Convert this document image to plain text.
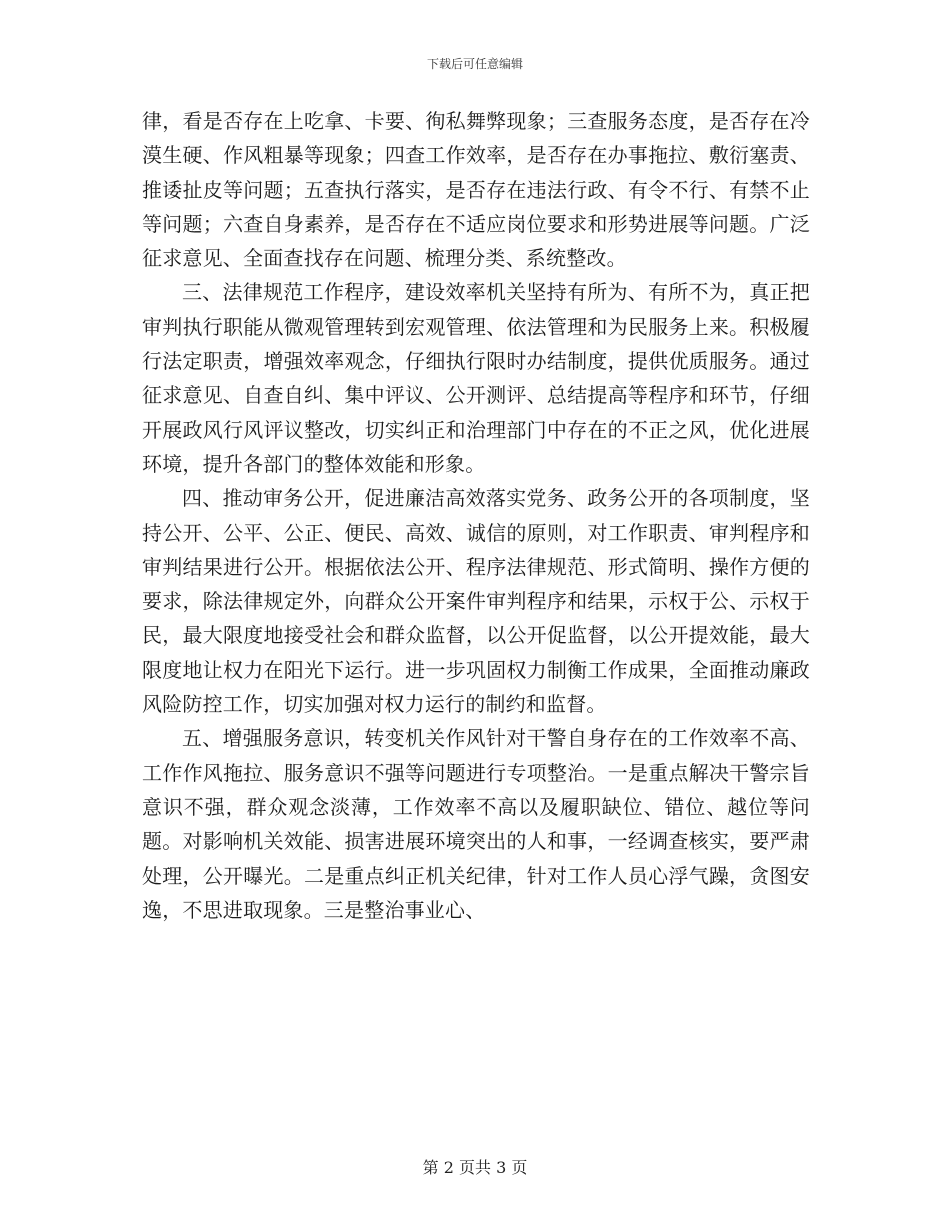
下载后可任意编辑

律，看是否存在上吃拿、卡要、徇私舞弊现象；三查服务态度，是否存在冷漠生硬、作风粗暴等现象；四查工作效率，是否存在办事拖拉、敷衍塞责、推诿扯皮等问题；五查执行落实，是否存在违法行政、有令不行、有禁不止等问题；六查自身素养，是否存在不适应岗位要求和形势进展等问题。广泛征求意见、全面查找存在问题、梳理分类、系统整改。

三、法律规范工作程序，建设效率机关坚持有所为、有所不为，真正把审判执行职能从微观管理转到宏观管理、依法管理和为民服务上来。积极履行法定职责，增强效率观念，仔细执行限时办结制度，提供优质服务。通过征求意见、自查自纠、集中评议、公开测评、总结提高等程序和环节，仔细开展政风行风评议整改，切实纠正和治理部门中存在的不正之风，优化进展环境，提升各部门的整体效能和形象。

四、推动审务公开，促进廉洁高效落实党务、政务公开的各项制度，坚持公开、公平、公正、便民、高效、诚信的原则，对工作职责、审判程序和审判结果进行公开。根据依法公开、程序法律规范、形式简明、操作方便的要求，除法律规定外，向群众公开案件审判程序和结果，示权于公、示权于民，最大限度地接受社会和群众监督，以公开促监督，以公开提效能，最大限度地让权力在阳光下运行。进一步巩固权力制衡工作成果，全面推动廉政风险防控工作，切实加强对权力运行的制约和监督。

五、增强服务意识，转变机关作风针对干警自身存在的工作效率不高、工作作风拖拉、服务意识不强等问题进行专项整治。一是重点解决干警宗旨意识不强，群众观念淡薄，工作效率不高以及履职缺位、错位、越位等问题。对影响机关效能、损害进展环境突出的人和事，一经调查核实，要严肃处理，公开曝光。二是重点纠正机关纪律，针对工作人员心浮气躁，贪图安逸，不思进取现象。三是整治事业心、

第 2 页共 3 页
